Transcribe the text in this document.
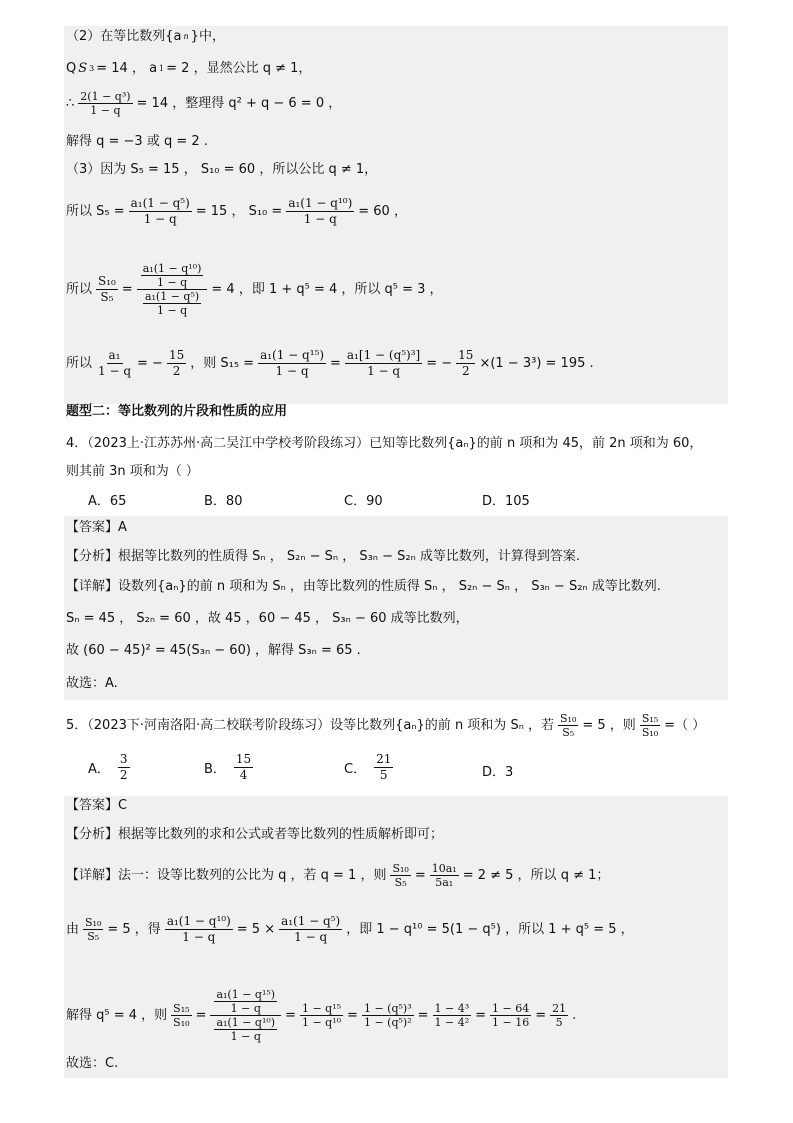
（2）在等比数列{a n }中，
Q S 3 = 14 ， a 1 = 2 ，显然公比 q ≠ 1，
∴ $\frac{\text{2(1 − q³)}}{1 - q} = 14$ ，整理得 q² + q − 6 = 0 ，
解得 q = −3 或 q = 2 .
（3）因为 S₅ = 15 ， S₁₀ = 60 ，所以公比 q ≠ 1，
所以 $S_5 = \frac{\text{a₁(1 − q⁵)}}{1 - q} = 15$ ， $S_{10} = \frac{\text{a₁(1 − q¹⁰)}}{1 - q} = 60$ ，
所以 $\frac{\text{S₁₀}}{\text{S₅}} = \frac{\frac{\text{a₁(1 − q¹⁰)}}{1 - q}}{\frac{\text{a₁(1 − q⁵)}}{1 - q}} = 4$ ，即 1 + q⁵ = 4 ，所以 q⁵ = 3 ，
所以 $\frac{\text{a₁}}{1 - q}$ = − $\frac{15}{2}$ ，则 $S_{15} = \frac{\text{a₁(1 − q¹⁵)}}{1 - q} = \frac{\text{a₁[1 − (q⁵)³]}}{1 - q}$ = − $\frac{15}{2} \times(1 - 3^3) = 195$ .
题型二：等比数列的片段和性质的应用
4．（2023上·江苏苏州·高二吴江中学校考阶段练习）已知等比数列{aₙ}的前 n 项和为 45，前 2n 项和为 60，
则其前 3n 项和为（ ）
A．65	B．80	C．90	D．105
【答案】A
【分析】根据等比数列的性质得 Sₙ ， S₂ₙ − Sₙ ， S₃ₙ − S₂ₙ 成等比数列，计算得到答案.
【详解】设数列{aₙ}的前 n 项和为 Sₙ ，由等比数列的性质得 Sₙ ， S₂ₙ − Sₙ ， S₃ₙ − S₂ₙ 成等比数列.
Sₙ = 45 ， S₂ₙ = 60 ，故 45 ，60 − 45 ， S₃ₙ − 60 成等比数列，
故 (60 − 45)² = 45(S₃ₙ − 60) ，解得 S₃ₙ = 65 .
故选：A.
5．（2023下·河南洛阳·高二校联考阶段练习）设等比数列{aₙ}的前 n 项和为 Sₙ ，若 $\frac{\text{S₁₀}}{\text{S₅}} = 5$ ，则 $\frac{\text{S₁₅}}{\text{S₁₀}}$ =（ ）
A． $\frac{3}{2}$	B． $\frac{15}{4}$	C． $\frac{21}{5}$	D．3
【答案】C
【分析】根据等比数列的求和公式或者等比数列的性质解析即可；
【详解】法一：设等比数列的公比为 q ，若 q = 1 ，则 $\frac{\text{S₁₀}}{\text{S₅}} = \frac{\text{10a₁}}{\text{5a₁}} = 2 \ne 5$ ，所以 q ≠ 1；
由 $\frac{\text{S₁₀}}{\text{S₅}} = 5$ ，得 $\frac{\text{a₁(1 − q¹⁰)}}{1 - q} = 5 \times \frac{\text{a₁(1 − q⁵)}}{1 - q}$ ，即 1 − q¹⁰ = 5(1 − q⁵) ，所以 1 + q⁵ = 5 ，
解得 q⁵ = 4 ，则 $\frac{\text{S₁₅}}{\text{S₁₀}} = \frac{\frac{\text{a₁(1 − q¹⁵)}}{1 - q}}{\frac{\text{a₁(1 − q¹⁰)}}{1 - q}} = \frac{\text{1 − q¹⁵}}{\text{1 − q¹⁰}} = \frac{\text{1 − (q⁵)³}}{\text{1 − (q⁵)²}} = \frac{\text{1 − 4³}}{\text{1 − 4²}} = \frac{1 - 64}{1 - 16} = \frac{21}{5}$ .
故选：C.
